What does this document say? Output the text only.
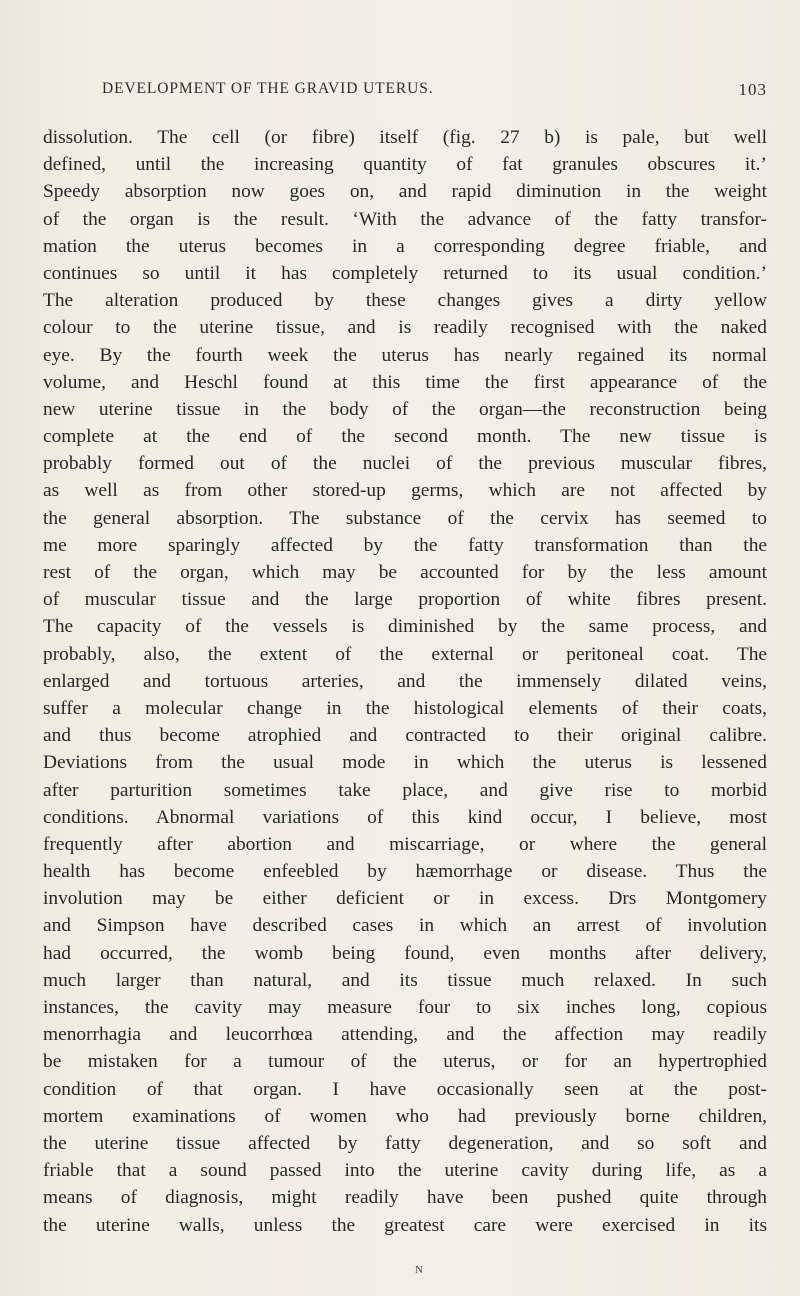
DEVELOPMENT OF THE GRAVID UTERUS.	103
dissolution. The cell (or fibre) itself (fig. 27 b) is pale, but well
defined, until the increasing quantity of fat granules obscures it.’
Speedy absorption now goes on, and rapid diminution in the weight
of the organ is the result. ‘With the advance of the fatty transfor-
mation the uterus becomes in a corresponding degree friable, and
continues so until it has completely returned to its usual condition.’
The alteration produced by these changes gives a dirty yellow
colour to the uterine tissue, and is readily recognised with the naked
eye. By the fourth week the uterus has nearly regained its normal
volume, and Heschl found at this time the first appearance of the
new uterine tissue in the body of the organ—the reconstruction being
complete at the end of the second month. The new tissue is
probably formed out of the nuclei of the previous muscular fibres,
as well as from other stored-up germs, which are not affected by
the general absorption. The substance of the cervix has seemed to
me more sparingly affected by the fatty transformation than the
rest of the organ, which may be accounted for by the less amount
of muscular tissue and the large proportion of white fibres present.
The capacity of the vessels is diminished by the same process, and
probably, also, the extent of the external or peritoneal coat. The
enlarged and tortuous arteries, and the immensely dilated veins,
suffer a molecular change in the histological elements of their coats,
and thus become atrophied and contracted to their original calibre.
Deviations from the usual mode in which the uterus is lessened
after parturition sometimes take place, and give rise to morbid
conditions. Abnormal variations of this kind occur, I believe, most
frequently after abortion and miscarriage, or where the general
health has become enfeebled by hæmorrhage or disease. Thus the
involution may be either deficient or in excess. Drs Montgomery
and Simpson have described cases in which an arrest of involution
had occurred, the womb being found, even months after delivery,
much larger than natural, and its tissue much relaxed. In such
instances, the cavity may measure four to six inches long, copious
menorrhagia and leucorrhœa attending, and the affection may readily
be mistaken for a tumour of the uterus, or for an hypertrophied
condition of that organ. I have occasionally seen at the post-
mortem examinations of women who had previously borne children,
the uterine tissue affected by fatty degeneration, and so soft and
friable that a sound passed into the uterine cavity during life, as a
means of diagnosis, might readily have been pushed quite through
the uterine walls, unless the greatest care were exercised in its
N
